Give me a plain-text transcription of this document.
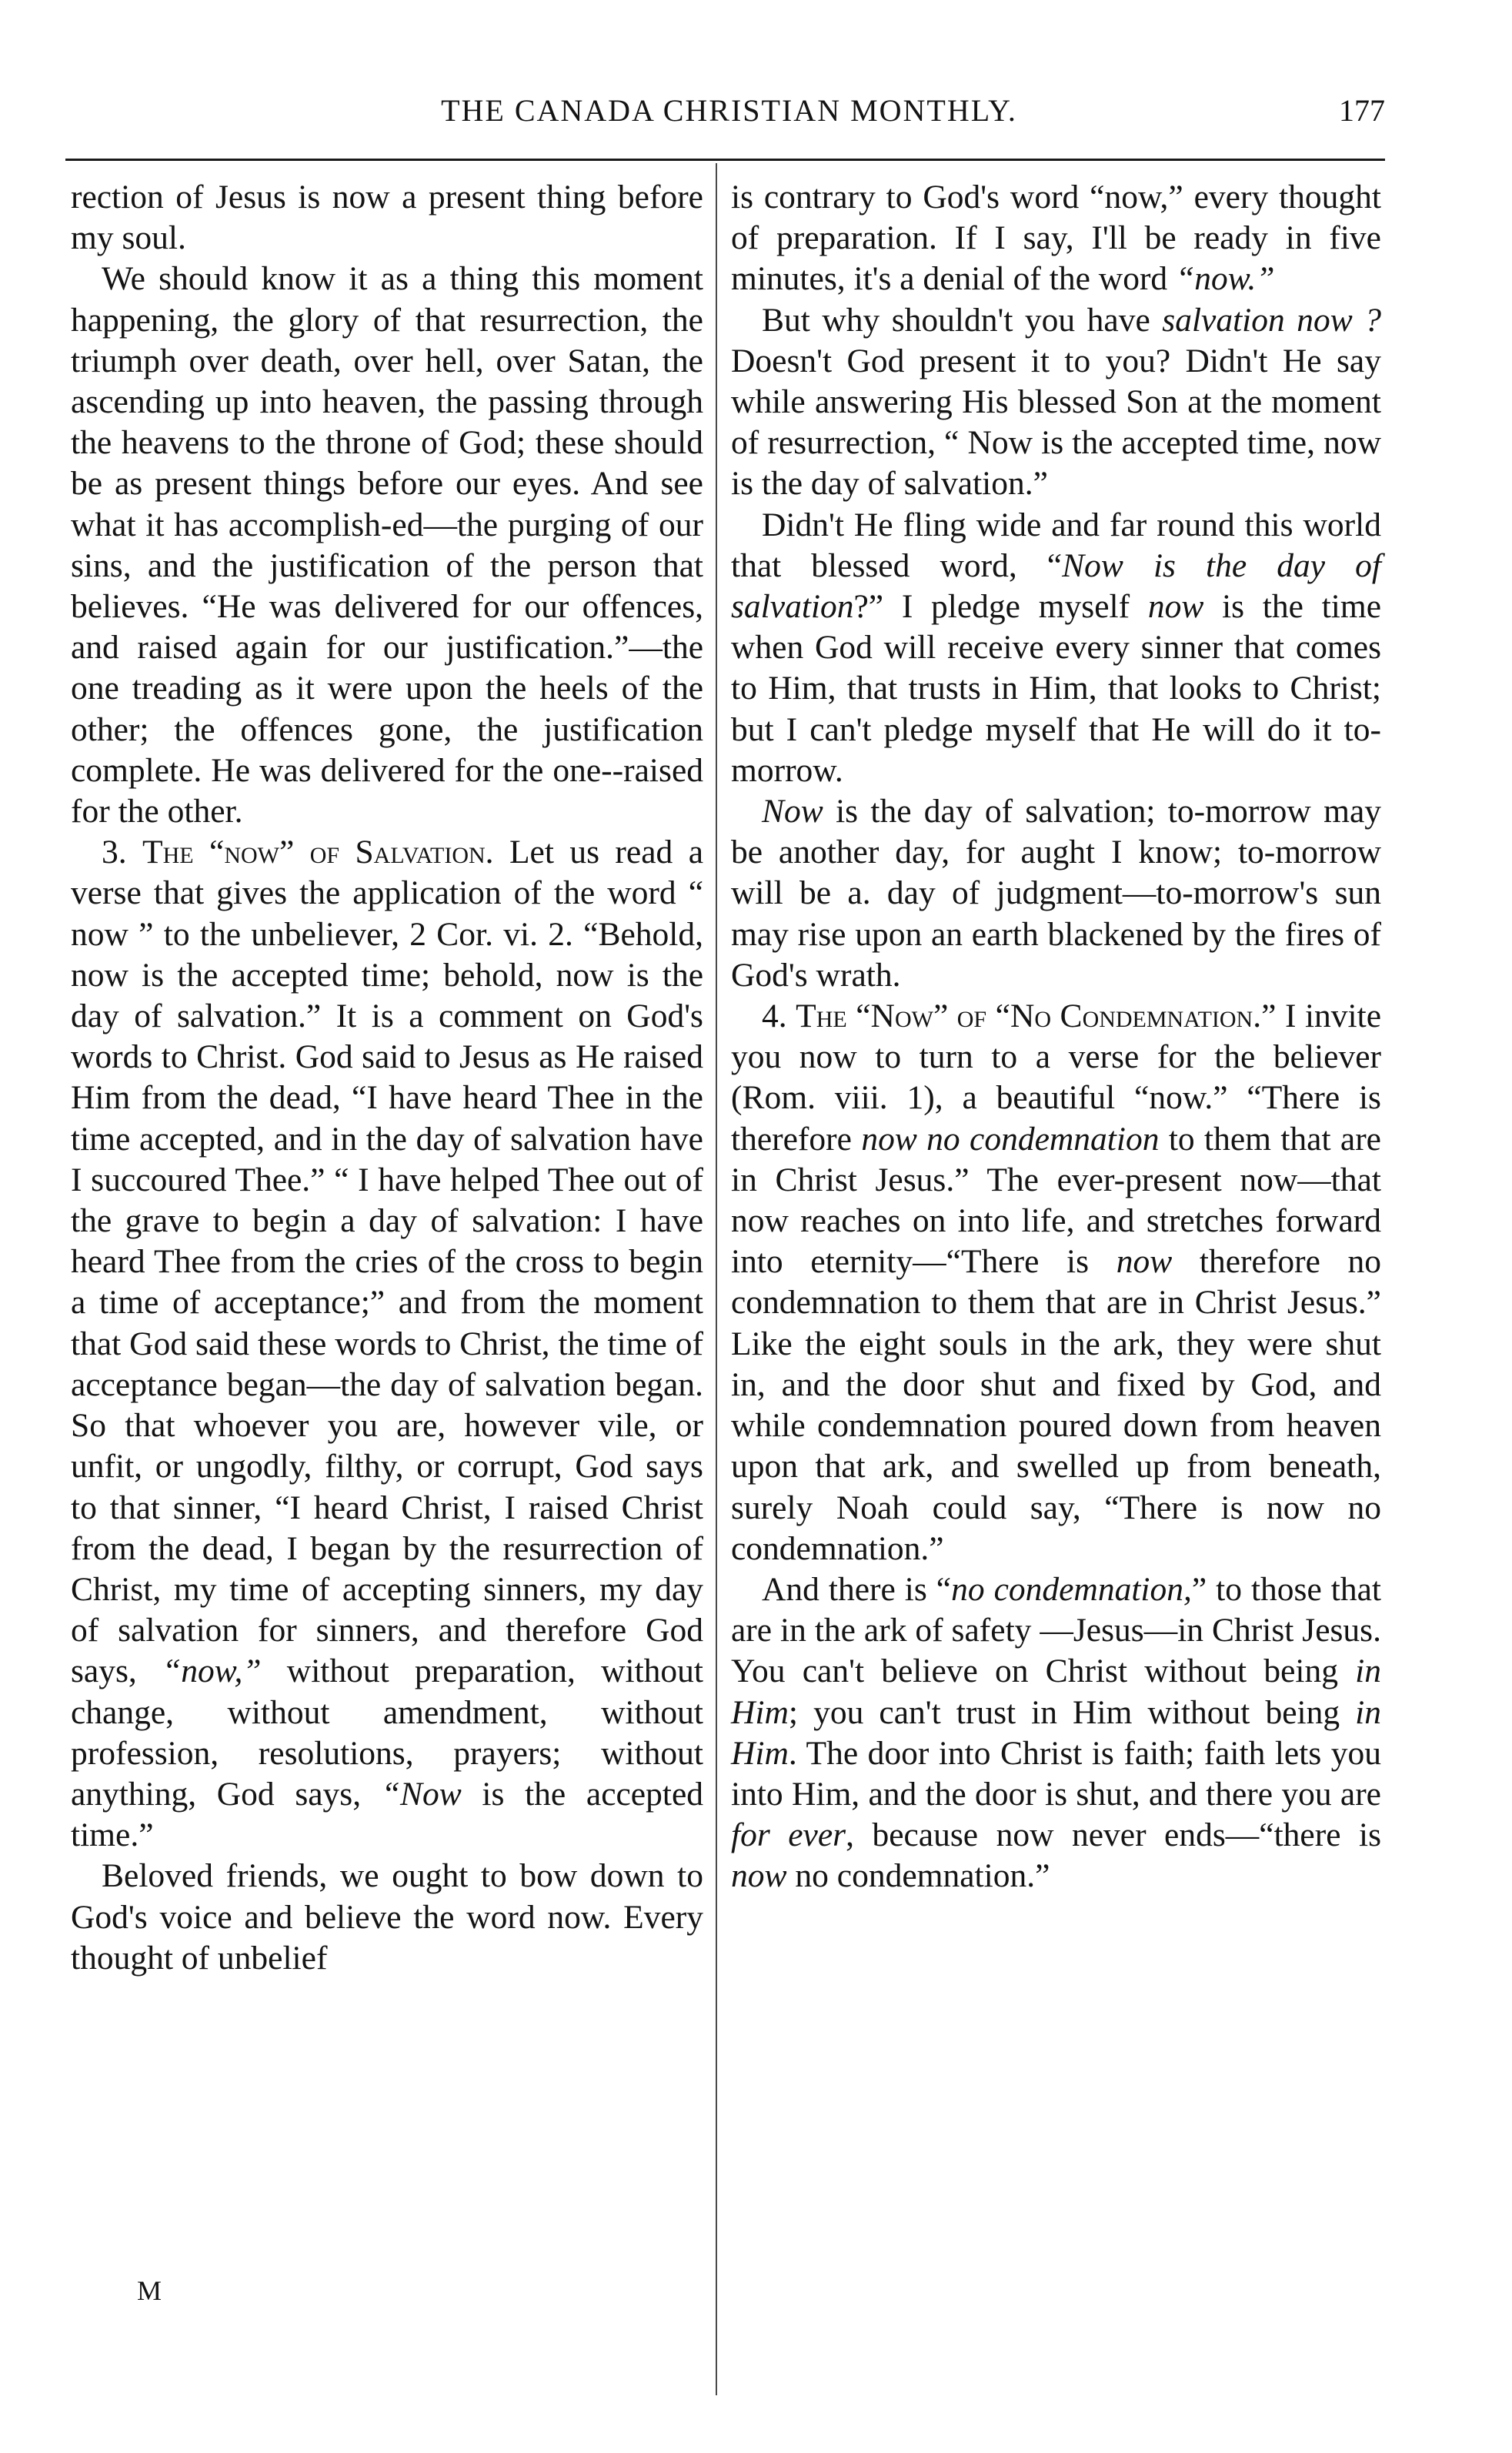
THE CANADA CHRISTIAN MONTHLY.	177

rection of Jesus is now a present thing before my soul.

We should know it as a thing this moment happening, the glory of that resurrection, the triumph over death, over hell, over Satan, the ascending up into heaven, the passing through the heavens to the throne of God; these should be as present things before our eyes. And see what it has accomplish-ed—the purging of our sins, and the justification of the person that believes. “He was delivered for our offences, and raised again for our justification.”—the one treading as it were upon the heels of the other; the offences gone, the justification complete. He was delivered for the one--raised for the other.

3. The “now” of Salvation. Let us read a verse that gives the application of the word “ now ” to the unbeliever, 2 Cor. vi. 2. “Behold, now is the accepted time; behold, now is the day of salvation.” It is a comment on God's words to Christ. God said to Jesus as He raised Him from the dead, “I have heard Thee in the time accepted, and in the day of salvation have I succoured Thee.” “ I have helped Thee out of the grave to begin a day of salvation: I have heard Thee from the cries of the cross to begin a time of acceptance;” and from the moment that God said these words to Christ, the time of acceptance began—the day of salvation began. So that whoever you are, however vile, or unfit, or ungodly, filthy, or corrupt, God says to that sinner, “I heard Christ, I raised Christ from the dead, I began by the resurrection of Christ, my time of accepting sinners, my day of salvation for sinners, and therefore God says, “now,” without preparation, without change, without amendment, without profession, resolutions, prayers; without anything, God says, “Now is the accepted time.”

Beloved friends, we ought to bow down to God's voice and believe the word now. Every thought of unbelief

is contrary to God's word “now,” every thought of preparation. If I say, I'll be ready in five minutes, it's a denial of the word “now.”

But why shouldn't you have salvation now ? Doesn't God present it to you? Didn't He say while answering His blessed Son at the moment of resurrection, “ Now is the accepted time, now is the day of salvation.”

Didn't He fling wide and far round this world that blessed word, “Now is the day of salvation?” I pledge myself now is the time when God will receive every sinner that comes to Him, that trusts in Him, that looks to Christ; but I can't pledge myself that He will do it to-morrow.

Now is the day of salvation; to-morrow may be another day, for aught I know; to-morrow will be a. day of judgment—to-morrow's sun may rise upon an earth blackened by the fires of God's wrath.

4. The “Now” of “No Condemnation.” I invite you now to turn to a verse for the believer (Rom. viii. 1), a beautiful “now.” “There is therefore now no condemnation to them that are in Christ Jesus.” The ever-present now—that now reaches on into life, and stretches forward into eternity—“There is now therefore no condemnation to them that are in Christ Jesus.” Like the eight souls in the ark, they were shut in, and the door shut and fixed by God, and while condemnation poured down from heaven upon that ark, and swelled up from beneath, surely Noah could say, “There is now no condemnation.”

And there is “no condemnation,” to those that are in the ark of safety —Jesus—in Christ Jesus. You can't believe on Christ without being in Him; you can't trust in Him without being in Him. The door into Christ is faith; faith lets you into Him, and the door is shut, and there you are for ever, because now never ends—“there is now no condemnation.”

M
